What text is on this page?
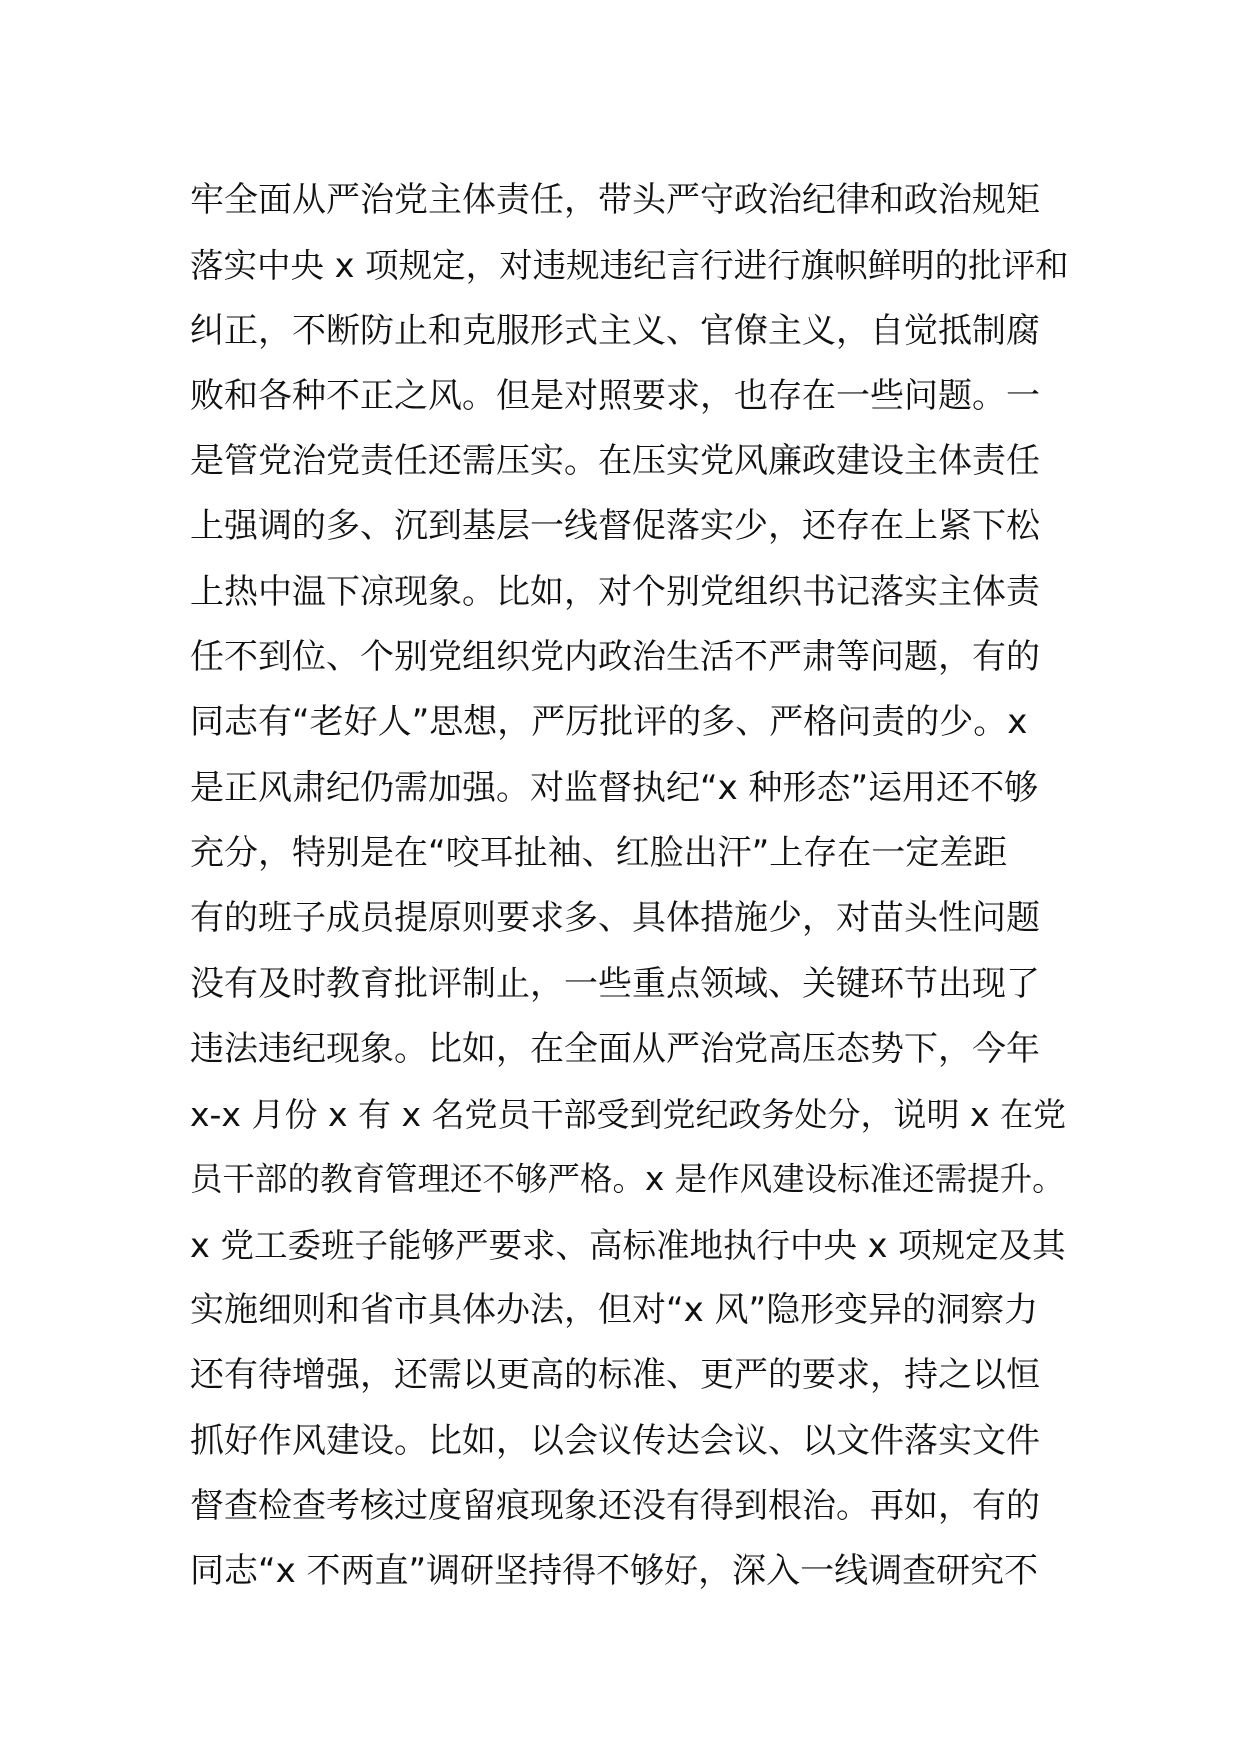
牢全面从严治党主体责任，带头严守政治纪律和政治规矩
落实中央 x 项规定，对违规违纪言行进行旗帜鲜明的批评和
纠正，不断防止和克服形式主义、官僚主义，自觉抵制腐
败和各种不正之风。但是对照要求，也存在一些问题。一
是管党治党责任还需压实。在压实党风廉政建设主体责任
上强调的多、沉到基层一线督促落实少，还存在上紧下松
上热中温下凉现象。比如，对个别党组织书记落实主体责
任不到位、个别党组织党内政治生活不严肃等问题，有的
同志有“老好人”思想，严厉批评的多、严格问责的少。x
是正风肃纪仍需加强。对监督执纪“x 种形态”运用还不够
充分，特别是在“咬耳扯袖、红脸出汗”上存在一定差距
有的班子成员提原则要求多、具体措施少，对苗头性问题
没有及时教育批评制止，一些重点领域、关键环节出现了
违法违纪现象。比如，在全面从严治党高压态势下，今年
x-x 月份 x 有 x 名党员干部受到党纪政务处分，说明 x 在党
员干部的教育管理还不够严格。x 是作风建设标准还需提升。
x 党工委班子能够严要求、高标准地执行中央 x 项规定及其
实施细则和省市具体办法，但对“x 风”隐形变异的洞察力
还有待增强，还需以更高的标准、更严的要求，持之以恒
抓好作风建设。比如，以会议传达会议、以文件落实文件
督查检查考核过度留痕现象还没有得到根治。再如，有的
同志“x 不两直”调研坚持得不够好，深入一线调查研究不
